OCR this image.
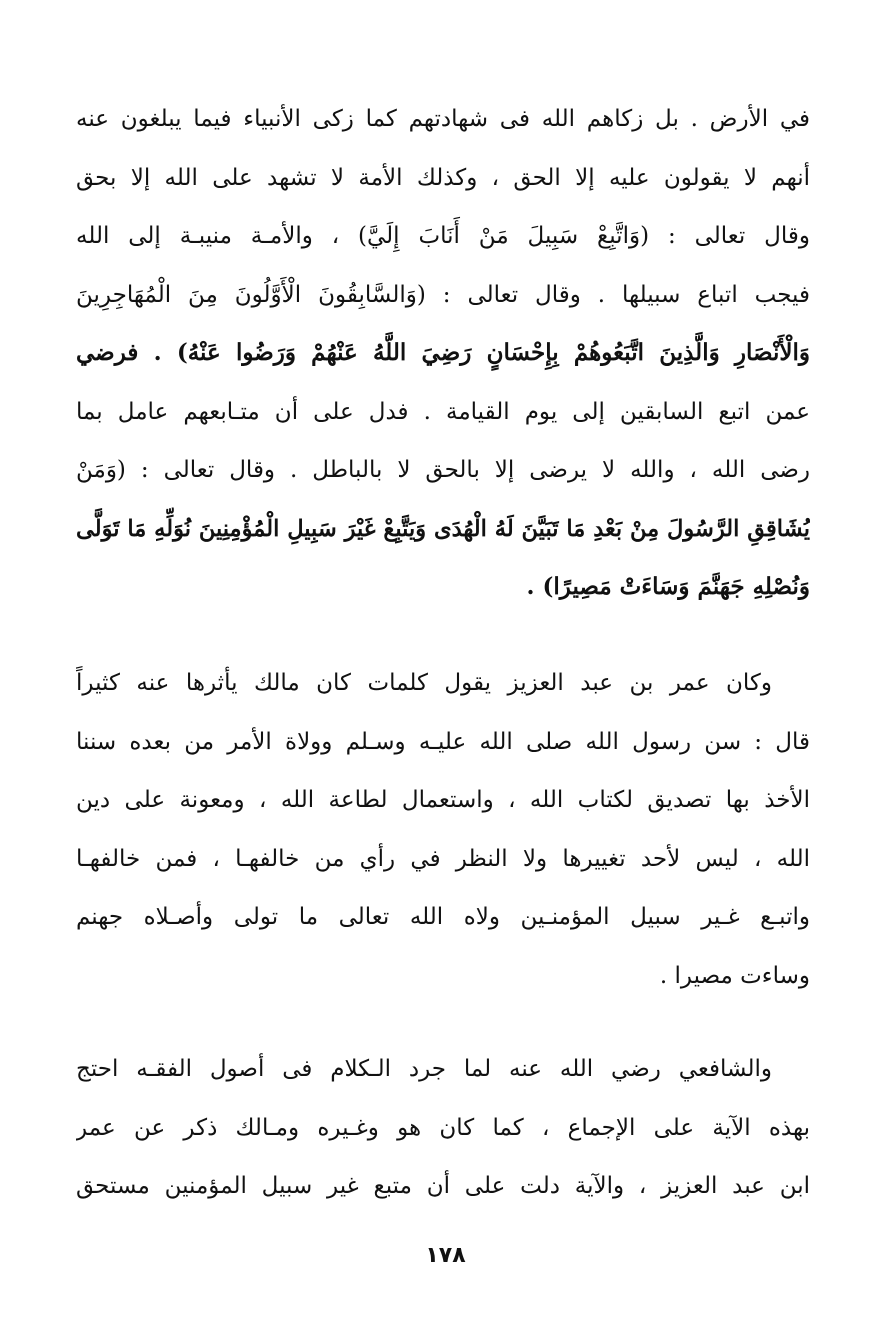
في الأرض . بل زكاهم الله فى شهادتهم كما زكى الأنبياء فيما يبلغون عنه
أنهم لا يقولون عليه إلا الحق ، وكذلك الأمة لا تشهد على الله إلا بحق
وقال تعالى : (وَاتَّبِعْ سَبِيلَ مَنْ أَنَابَ إِلَيَّ) ، والأمـة منيبـة إلى الله
فيجب اتباع سبيلها . وقال تعالى : (وَالسَّابِقُونَ الْأَوَّلُونَ مِنَ الْمُهَاجِرِينَ
وَالْأَنْصَارِ وَالَّذِينَ اتَّبَعُوهُمْ بِإِحْسَانٍ رَضِيَ اللَّهُ عَنْهُمْ وَرَضُوا عَنْهُ) . فرضي
عمن اتبع السابقين إلى يوم القيامة . فدل على أن متـابعهم عامل بما
رضى الله ، والله لا يرضى إلا بالحق لا بالباطل . وقال تعالى : (وَمَنْ
يُشَاقِقِ الرَّسُولَ مِنْ بَعْدِ مَا تَبَيَّنَ لَهُ الْهُدَى وَيَتَّبِعْ غَيْرَ سَبِيلِ الْمُؤْمِنِينَ نُوَلِّهِ مَا تَوَلَّى
وَنُصْلِهِ جَهَنَّمَ وَسَاءَتْ مَصِيرًا) .
وكان عمر بن عبد العزيز يقول كلمات كان مالك يأثرها عنه كثيراً
قال : سن رسول الله صلى الله عليـه وسـلم وولاة الأمر من بعده سننا
الأخذ بها تصديق لكتاب الله ، واستعمال لطاعة الله ، ومعونة على دين
الله ، ليس لأحد تغييرها ولا النظر في رأي من خالفهـا ، فمن خالفهـا
واتبـع غـير سبيل المؤمنـين ولاه الله تعالى ما تولى وأصـلاه جهنم
وساءت مصيرا .
والشافعي رضي الله عنه لما جرد الـكلام فى أصول الفقـه احتج
بهذه الآية على الإجماع ، كما كان هو وغـيره ومـالك ذكر عن عمر
ابن عبد العزيز ، والآية دلت على أن متبع غير سبيل المؤمنين مستحق
١٧٨
